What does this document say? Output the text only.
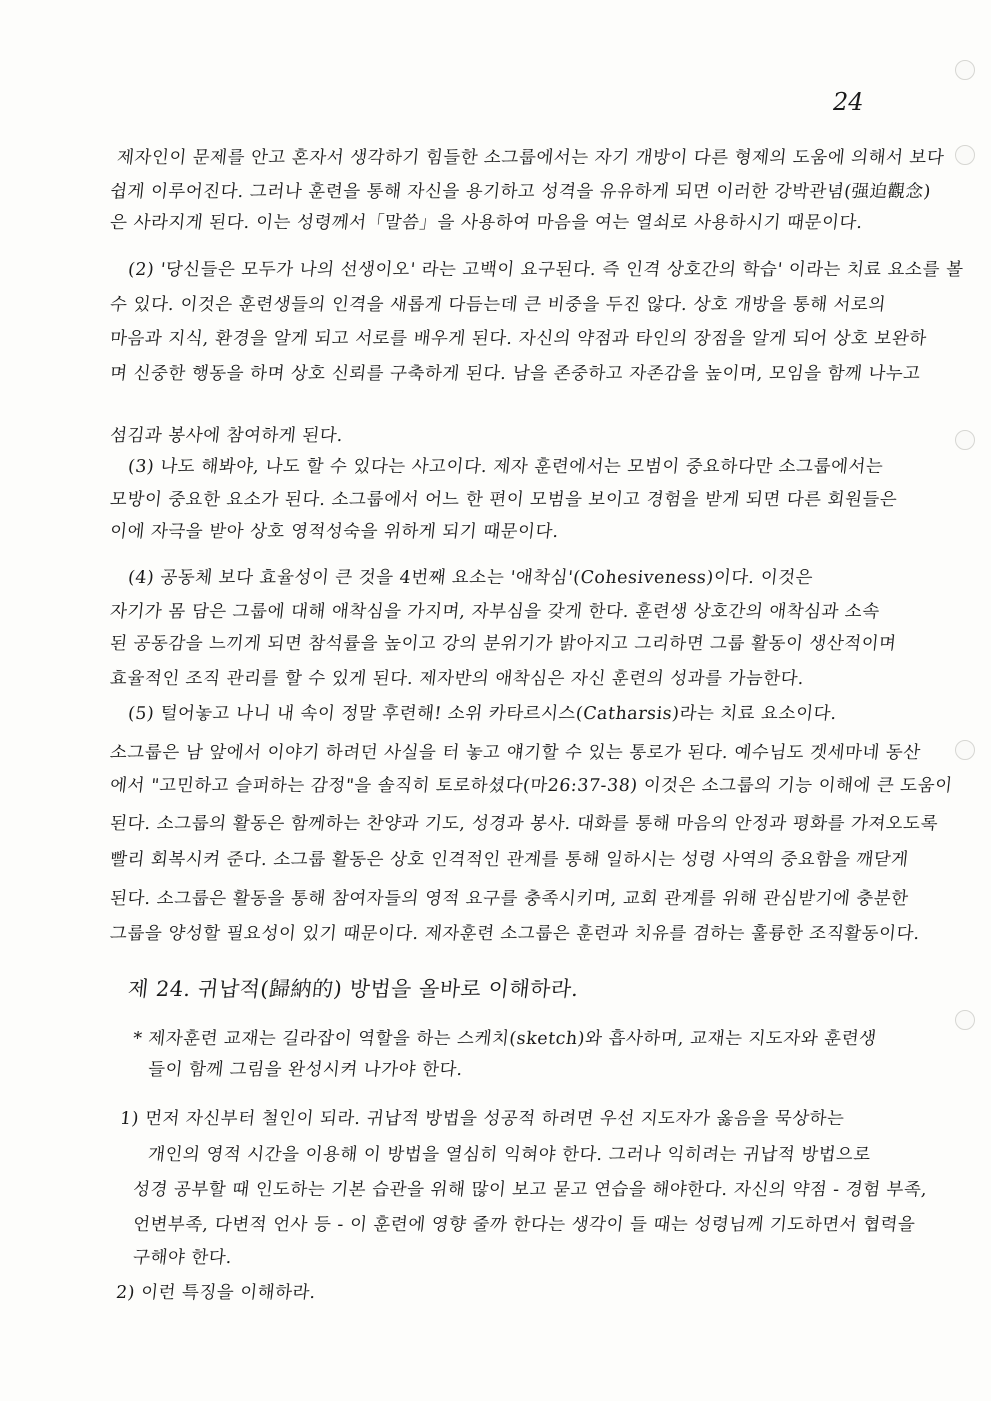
24
제자인이 문제를 안고 혼자서 생각하기 힘들한 소그룹에서는 자기 개방이 다른 형제의 도움에 의해서 보다
쉽게 이루어진다. 그러나 훈련을 통해 자신을 용기하고 성격을 유유하게 되면 이러한 강박관념(强迫觀念)
은 사라지게 된다. 이는 성령께서「말씀」을 사용하여 마음을 여는 열쇠로 사용하시기 때문이다.
(2) '당신들은 모두가 나의 선생이오' 라는 고백이 요구된다. 즉 인격 상호간의 학습' 이라는 치료 요소를 볼
수 있다. 이것은 훈련생들의 인격을 새롭게 다듬는데 큰 비중을 두진 않다. 상호 개방을 통해 서로의
마음과 지식, 환경을 알게 되고 서로를 배우게 된다. 자신의 약점과 타인의 장점을 알게 되어 상호 보완하
며 신중한 행동을 하며 상호 신뢰를 구축하게 된다. 남을 존중하고 자존감을 높이며, 모임을 함께 나누고
섬김과 봉사에 참여하게 된다.
(3) 나도 해봐야, 나도 할 수 있다는 사고이다. 제자 훈련에서는 모범이 중요하다만 소그룹에서는
모방이 중요한 요소가 된다. 소그룹에서 어느 한 편이 모범을 보이고 경험을 받게 되면 다른 회원들은
이에 자극을 받아 상호 영적성숙을 위하게 되기 때문이다.
(4) 공동체 보다 효율성이 큰 것을 4번째 요소는 '애착심'(Cohesiveness)이다. 이것은
자기가 몸 담은 그룹에 대해 애착심을 가지며, 자부심을 갖게 한다. 훈련생 상호간의 애착심과 소속
된 공동감을 느끼게 되면 참석률을 높이고 강의 분위기가 밝아지고 그리하면 그룹 활동이 생산적이며
효율적인 조직 관리를 할 수 있게 된다. 제자반의 애착심은 자신 훈련의 성과를 가늠한다.
(5) 털어놓고 나니 내 속이 정말 후련해! 소위 카타르시스(Catharsis)라는 치료 요소이다.
소그룹은 남 앞에서 이야기 하려던 사실을 터 놓고 얘기할 수 있는 통로가 된다. 예수님도 겟세마네 동산
에서 "고민하고 슬퍼하는 감정"을 솔직히 토로하셨다(마26:37-38) 이것은 소그룹의 기능 이해에 큰 도움이
된다. 소그룹의 활동은 함께하는 찬양과 기도, 성경과 봉사. 대화를 통해 마음의 안정과 평화를 가져오도록
빨리 회복시켜 준다. 소그룹 활동은 상호 인격적인 관계를 통해 일하시는 성령 사역의 중요함을 깨닫게
된다. 소그룹은 활동을 통해 참여자들의 영적 요구를 충족시키며, 교회 관계를 위해 관심받기에 충분한
그룹을 양성할 필요성이 있기 때문이다. 제자훈련 소그룹은 훈련과 치유를 겸하는 훌륭한 조직활동이다.
제 24. 귀납적(歸納的) 방법을 올바로 이해하라.
* 제자훈련 교재는 길라잡이 역할을 하는 스케치(sketch)와 흡사하며, 교재는 지도자와 훈련생
들이 함께 그림을 완성시켜 나가야 한다.
1) 먼저 자신부터 철인이 되라. 귀납적 방법을 성공적 하려면 우선 지도자가 옳음을 묵상하는
개인의 영적 시간을 이용해 이 방법을 열심히 익혀야 한다. 그러나 익히려는 귀납적 방법으로
성경 공부할 때 인도하는 기본 습관을 위해 많이 보고 묻고 연습을 해야한다. 자신의 약점 - 경험 부족,
언변부족, 다변적 언사 등 - 이 훈련에 영향 줄까 한다는 생각이 들 때는 성령님께 기도하면서 협력을
구해야 한다.
2) 이런 특징을 이해하라.
